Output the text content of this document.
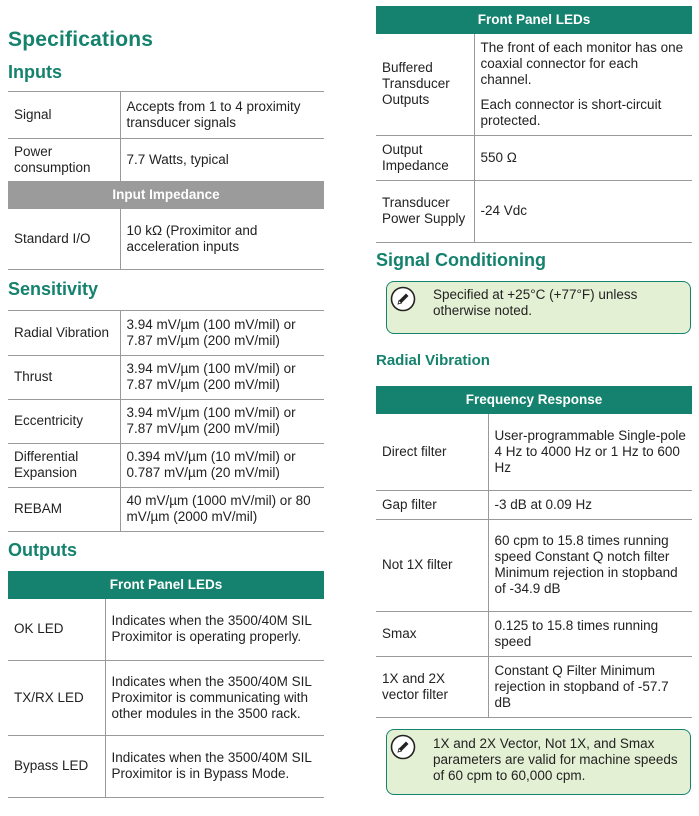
Specifications
Inputs
Signal	Accepts from 1 to 4 proximity transducer signals
Power consumption	7.7 Watts, typical
Input Impedance	
Standard I/O	10 kΩ (Proximitor and acceleration inputs
Sensitivity
Radial Vibration	3.94 mV/µm (100 mV/mil) or 7.87 mV/µm (200 mV/mil)
Thrust	3.94 mV/µm (100 mV/mil) or 7.87 mV/µm (200 mV/mil)
Eccentricity	3.94 mV/µm (100 mV/mil) or 7.87 mV/µm (200 mV/mil)
Differential Expansion	0.394 mV/µm (10 mV/mil) or 0.787 mV/µm (20 mV/mil)
REBAM	40 mV/µm (1000 mV/mil) or 80 mV/µm (2000 mV/mil)
Outputs
Front Panel LEDs	
OK LED	Indicates when the 3500/40M SIL Proximitor is operating properly.
TX/RX LED	Indicates when the 3500/40M SIL Proximitor is communicating with other modules in the 3500 rack.
Bypass LED	Indicates when the 3500/40M SIL Proximitor is in Bypass Mode.
Front Panel LEDs	
Buffered Transducer Outputs	The front of each monitor has one coaxial connector for each channel.
Each connector is short-circuit protected.

Output Impedance	550 Ω
Transducer Power Supply	-24 Vdc
Signal Conditioning
Specified at +25°C (+77°F) unless otherwise noted.
Radial Vibration
Frequency Response	
Direct filter	User-programmable Single-pole 4 Hz to 4000 Hz or 1 Hz to 600 Hz
Gap filter	-3 dB at 0.09 Hz
Not 1X filter	60 cpm to 15.8 times running speed Constant Q notch filter Minimum rejection in stopband of -34.9 dB
Smax	0.125 to 15.8 times running speed
1X and 2X vector filter	Constant Q Filter Minimum rejection in stopband of -57.7 dB
1X and 2X Vector, Not 1X, and Smax parameters are valid for machine speeds of 60 cpm to 60,000 cpm.
